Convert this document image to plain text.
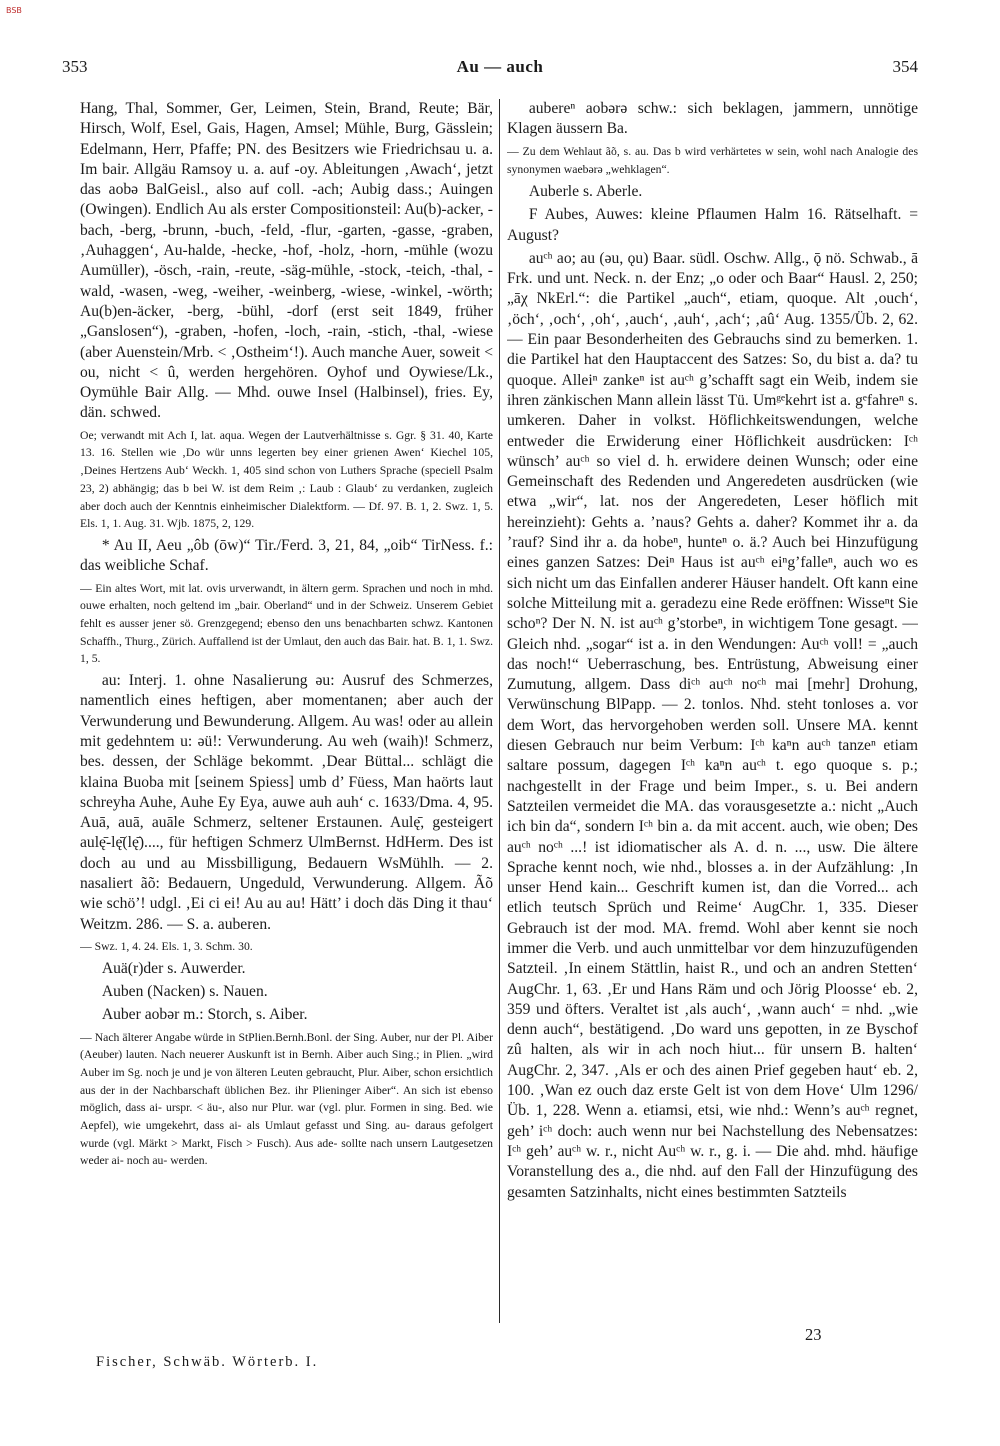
BSB
353	Au — auch	354

Hang, Thal, Sommer, Ger, Leimen, Stein, Brand, Reute; Bär, Hirsch, Wolf, Esel, Gais, Hagen, Amsel; Mühle, Burg, Gässlein; Edelmann, Herr, Pfaffe; PN. des Besitzers wie Friedrichsau u. a. Im bair. Allgäu Ramsoy u. a. auf -oy. Ableitungen ‚Awach‘, jetzt das aobə BalGeisl., also auf coll. -ach; Aubig dass.; Auingen (Owingen). Endlich Au als erster Compositionsteil: Au(b)-acker, -bach, -berg, -brunn, -buch, -feld, -flur, -garten, -gasse, -graben, ‚Auhaggen‘, Au-halde, -hecke, -hof, -holz, -horn, -mühle (wozu Aumüller), -ösch, -rain, -reute, -säg-mühle, -stock, -teich, -thal, -wald, -wasen, -weg, -weiher, -weinberg, -wiese, -winkel, -wörth; Au(b)en-äcker, -berg, -bühl, -dorf (erst seit 1849, früher „Ganslosen“), -graben, -hofen, -loch, -rain, -stich, -thal, -wiese (aber Auenstein/Mrb. < ‚Ostheim‘!). Auch manche Auer, soweit < ou, nicht < û, werden hergehören. Oyhof und Oywiese/Lk., Oymühle Bair Allg. — Mhd. ouwe Insel (Halbinsel), fries. Ey, dän. schwed.

Oe; verwandt mit Ach I, lat. aqua. Wegen der Lautverhältnisse s. Ggr. § 31. 40, Karte 13. 16. Stellen wie ‚Do wür unns legerten bey einer grienen Awen‘ Kiechel 105, ‚Deines Hertzens Aub‘ Weckh. 1, 405 sind schon von Luthers Sprache (speciell Psalm 23, 2) abhängig; das b bei W. ist dem Reim ‚: Laub : Glaub‘ zu verdanken, zugleich aber doch auch der Kenntnis einheimischer Dialektform. — Df. 97. B. 1, 2. Swz. 1, 5. Els. 1, 1. Aug. 31. Wjb. 1875, 2, 129.

* Au II, Aeu „ôb (ōw)“ Tir./Ferd. 3, 21, 84, „oib“ TirNess. f.: das weibliche Schaf.

— Ein altes Wort, mit lat. ovis urverwandt, in ältern germ. Sprachen und noch in mhd. ouwe erhalten, noch geltend im „bair. Oberland“ und in der Schweiz. Unserem Gebiet fehlt es ausser jener sö. Grenzgegend; ebenso den uns benachbarten schwz. Kantonen Schaffh., Thurg., Zürich. Auffallend ist der Umlaut, den auch das Bair. hat. B. 1, 1. Swz. 1, 5.

au: Interj. 1. ohne Nasalierung əu: Ausruf des Schmerzes, namentlich eines heftigen, aber momentanen; aber auch der Verwunderung und Bewunderung. Allgem. Au was! oder au allein mit gedehntem u: əü!: Verwunderung. Au weh (waih)! Schmerz, bes. dessen, der Schläge bekommt. ‚Dear Büttal... schlägt die klaina Buoba mit [seinem Spiess] umb d’ Füess, Man haörts laut schreyha Auhe, Auhe Ey Eya, auwe auh auh‘ c. 1633/Dma. 4, 95. Auā, auā, auāle Schmerz, seltener Erstaunen. Aulę̄, gesteigert aulę̄-lę̄(lę̄)...., für heftigen Schmerz UlmBernst. HdHerm. Des ist doch au und au Missbilligung, Bedauern WsMühlh. — 2. nasaliert ãõ: Bedauern, Ungeduld, Verwunderung. Allgem. Ãõ wie schö’! udgl. ‚Ei ci ei! Au au au! Hätt’ i doch däs Ding it thau‘ Weitzm. 286. — S. a. auberen.

— Swz. 1, 4. 24. Els. 1, 3. Schm. 30.

Auä(r)der s. Auwerder.

Auben (Nacken) s. Nauen.

Auber aobər m.: Storch, s. Aiber.

— Nach älterer Angabe würde in StPlien.Bernh.Bonl. der Sing. Auber, nur der Pl. Aiber (Aeuber) lauten. Nach neuerer Auskunft ist in Bernh. Aiber auch Sing.; in Plien. „wird Auber im Sg. noch je und je von älteren Leuten gebraucht, Plur. Aiber, schon ersichtlich aus der in der Nachbarschaft üblichen Bez. ihr Plieninger Aiber“. An sich ist ebenso möglich, dass ai- urspr. < äu-, also nur Plur. war (vgl. plur. Formen in sing. Bed. wie Aepfel), wie umgekehrt, dass ai- als Umlaut gefasst und Sing. au- daraus gefolgert wurde (vgl. Märkt > Markt, Fisch > Fusch). Aus ade- sollte nach unsern Lautgesetzen weder ai- noch au- werden.

aubereⁿ aobərə schw.: sich beklagen, jammern, unnötige Klagen äussern Ba.

— Zu dem Wehlaut ãõ, s. au. Das b wird verhärtetes w sein, wohl nach Analogie des synonymen waebərə „wehklagen“.

Auberle s. Aberle.

F Aubes, Auwes: kleine Pflaumen Halm 16. Rätselhaft. = August?

auᶜʰ ao; au (əu, ǫu) Baar. südl. Oschw. Allg., ǭ nö. Schwab., ā Frk. und unt. Neck. n. der Enz; „o oder och Baar“ Hausl. 2, 250; „āχ NkErl.“: die Partikel „auch“, etiam, quoque. Alt ‚ouch‘, ‚öch‘, ‚och‘, ‚oh‘, ‚auch‘, ‚auh‘, ‚ach‘; ‚aû‘ Aug. 1355/Üb. 2, 62. — Ein paar Besonderheiten des Gebrauchs sind zu bemerken. 1. die Partikel hat den Hauptaccent des Satzes: So, du bist a. da? tu quoque. Alleiⁿ zankeⁿ ist auᶜʰ g’schafft sagt ein Weib, indem sie ihren zänkischen Mann allein lässt Tü. Umᵍᵉkehrt ist a. gᵉfahreⁿ s. umkeren. Daher in volkst. Höflichkeitswendungen, welche entweder die Erwiderung einer Höflichkeit ausdrücken: Iᶜʰ wünsch’ auᶜʰ so viel d. h. erwidere deinen Wunsch; oder eine Gemeinschaft des Redenden und Angeredeten ausdrücken (wie etwa „wir“, lat. nos der Angeredeten, Leser höflich mit hereinzieht): Gehts a. ’naus? Gehts a. daher? Kommet ihr a. da ’rauf? Sind ihr a. da hobeⁿ, hunteⁿ o. ä.? Auch bei Hinzufügung eines ganzen Satzes: Deiⁿ Haus ist auᶜʰ eiⁿg’falleⁿ, auch wo es sich nicht um das Einfallen anderer Häuser handelt. Oft kann eine solche Mitteilung mit a. geradezu eine Rede eröffnen: Wisseⁿt Sie schoⁿ? Der N. N. ist auᶜʰ g’storbeⁿ, in wichtigem Tone gesagt. — Gleich nhd. „sogar“ ist a. in den Wendungen: Auᶜʰ voll! = „auch das noch!“ Ueberraschung, bes. Entrüstung, Abweisung einer Zumutung, allgem. Dass diᶜʰ auᶜʰ noᶜʰ mai [mehr] Drohung, Verwünschung BlPapp. — 2. tonlos. Nhd. steht tonloses a. vor dem Wort, das hervorgehoben werden soll. Unsere MA. kennt diesen Gebrauch nur beim Verbum: Iᶜʰ kaⁿn auᶜʰ tanzeⁿ etiam saltare possum, dagegen Iᶜʰ kaⁿn auᶜʰ t. ego quoque s. p.; nachgestellt in der Frage und beim Imper., s. u. Bei andern Satzteilen vermeidet die MA. das vorausgesetzte a.: nicht „Auch ich bin da“, sondern Iᶜʰ bin a. da mit accent. auch, wie oben; Des auᶜʰ noᶜʰ ...! ist idiomatischer als A. d. n. ..., usw. Die ältere Sprache kennt noch, wie nhd., blosses a. in der Aufzählung: ‚In unser Hend kain... Geschrift kumen ist, dan die Vorred... ach etlich teutsch Sprüch und Reime‘ AugChr. 1, 335. Dieser Gebrauch ist der mod. MA. fremd. Wohl aber kennt sie noch immer die Verb. und auch unmittelbar vor dem hinzuzufügenden Satzteil. ‚In einem Stättlin, haist R., und och an andren Stetten‘ AugChr. 1, 63. ‚Er und Hans Räm und och Jörig Ploosse‘ eb. 2, 359 und öfters. Veraltet ist ‚als auch‘, ‚wann auch‘ = nhd. „wie denn auch“, bestätigend. ‚Do ward uns gepotten, in ze Byschof zû halten, als wir in ach noch hiut... für unsern B. halten‘ AugChr. 2, 347. ‚Als er och des ainen Prief gegeben haut‘ eb. 2, 100. ‚Wan ez ouch daz erste Gelt ist von dem Hove‘ Ulm 1296/Üb. 1, 228. Wenn a. etiamsi, etsi, wie nhd.: Wenn’s auᶜʰ regnet, geh’ iᶜʰ doch: auch wenn nur bei Nachstellung des Nebensatzes: Iᶜʰ geh’ auᶜʰ w. r., nicht Auᶜʰ w. r., g. i. — Die ahd. mhd. häufige Voranstellung des a., die nhd. auf den Fall der Hinzufügung des gesamten Satzinhalts, nicht eines bestimmten Satzteils

23
Fischer, Schwäb. Wörterb. I.
